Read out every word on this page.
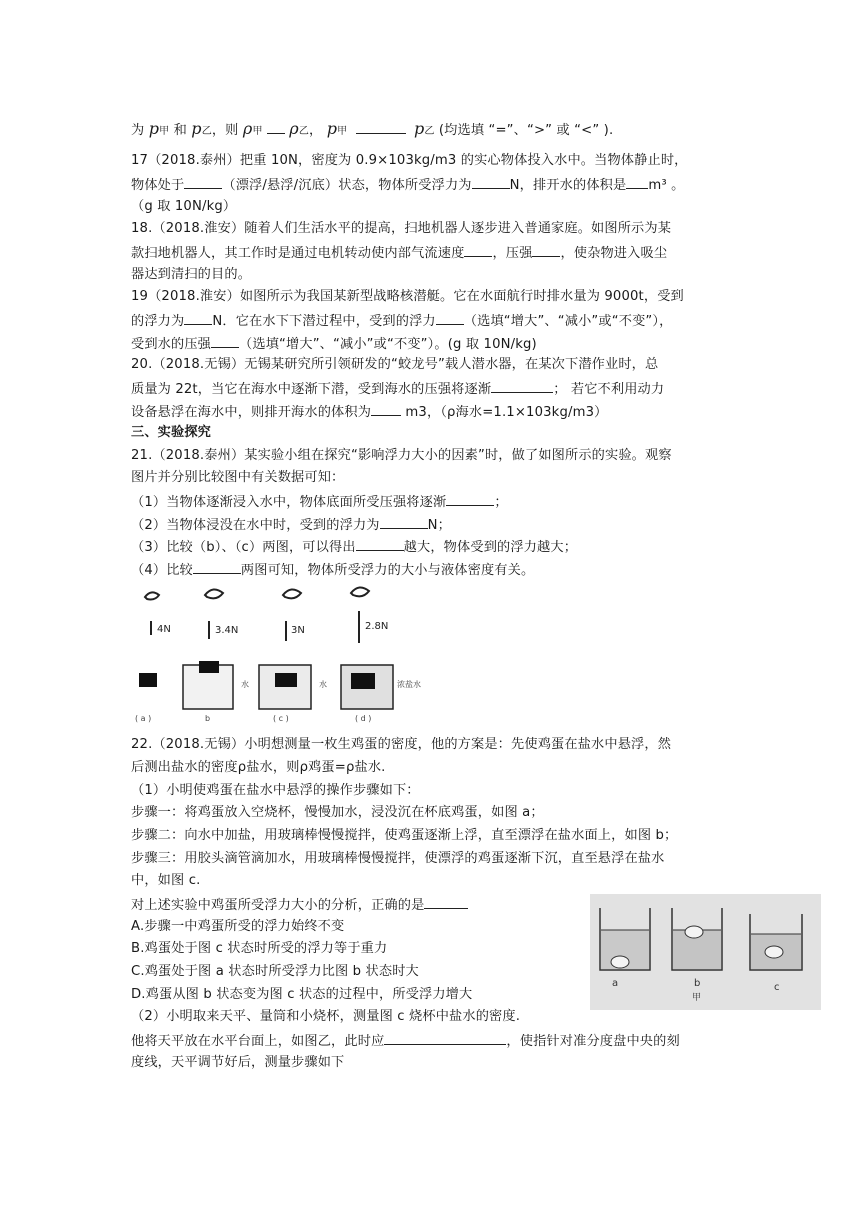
为 p甲 和 p乙，则 ρ甲 ρ乙， p甲	p乙 (均选填 “=”、“>” 或 “<” ).
17（2018.泰州）把重 10N，密度为 0.9×103kg/m3 的实心物体投入水中。当物体静止时，
物体处于	（漂浮/悬浮/沉底）状态，物体所受浮力为	N，排开水的体积是 m³ 。
（g 取 10N/kg）
18.（2018.淮安）随着人们生活水平的提高，扫地机器人逐步进入普通家庭。如图所示为某
款扫地机器人，其工作时是通过电机转动使内部气流速度 ，压强 ，使杂物进入吸尘
器达到清扫的目的。
19（2018.淮安）如图所示为我国某新型战略核潜艇。它在水面航行时排水量为 9000t，受到
的浮力为 N．它在水下下潜过程中，受到的浮力 （选填“增大”、“减小”或“不变”），
受到水的压强 （选填“增大”、“减小”或“不变”）。(g 取 10N/kg)
20.（2018.无锡）无锡某研究所引领研发的“蛟龙号”载人潜水器，在某次下潜作业时，总
质量为 22t，当它在海水中逐渐下潜，受到海水的压强将逐渐	； 若它不利用动力
设备悬浮在海水中，则排开海水的体积为 m3，（ρ海水=1.1×103kg/m3）
三、实验探究
21.（2018.泰州）某实验小组在探究“影响浮力大小的因素”时，做了如图所示的实验。观察
图片并分别比较图中有关数据可知：
（1）当物体逐渐浸入水中，物体底面所受压强将逐渐	；
（2）当物体浸没在水中时，受到的浮力为	N；
（3）比较（b）、（c）两图，可以得出	越大，物体受到的浮力越大；
（4）比较	两图可知，物体所受浮力的大小与液体密度有关。
4N	3.4N	3N	2.8N
水	水	浓盐水
( a )	b	( c )	( d )
22.（2018.无锡）小明想测量一枚生鸡蛋的密度，他的方案是：先使鸡蛋在盐水中悬浮，然
后测出盐水的密度ρ盐水，则ρ鸡蛋=ρ盐水.
（1）小明使鸡蛋在盐水中悬浮的操作步骤如下：
步骤一：将鸡蛋放入空烧杯，慢慢加水，浸没沉在杯底鸡蛋，如图 a；
步骤二：向水中加盐，用玻璃棒慢慢搅拌，使鸡蛋逐渐上浮，直至漂浮在盐水面上，如图 b；
步骤三：用胶头滴管滴加水，用玻璃棒慢慢搅拌，使漂浮的鸡蛋逐渐下沉，直至悬浮在盐水
中，如图 c.
对上述实验中鸡蛋所受浮力大小的分析，正确的是
A.步骤一中鸡蛋所受的浮力始终不变
B.鸡蛋处于图 c 状态时所受的浮力等于重力
C.鸡蛋处于图 a 状态时所受浮力比图 b 状态时大
D.鸡蛋从图 b 状态变为图 c 状态的过程中，所受浮力增大
（2）小明取来天平、量筒和小烧杯，测量图 c 烧杯中盐水的密度.
他将天平放在水平台面上，如图乙，此时应	，使指针对准分度盘中央的刻
度线，天平调节好后，测量步骤如下
a	b	c
甲
